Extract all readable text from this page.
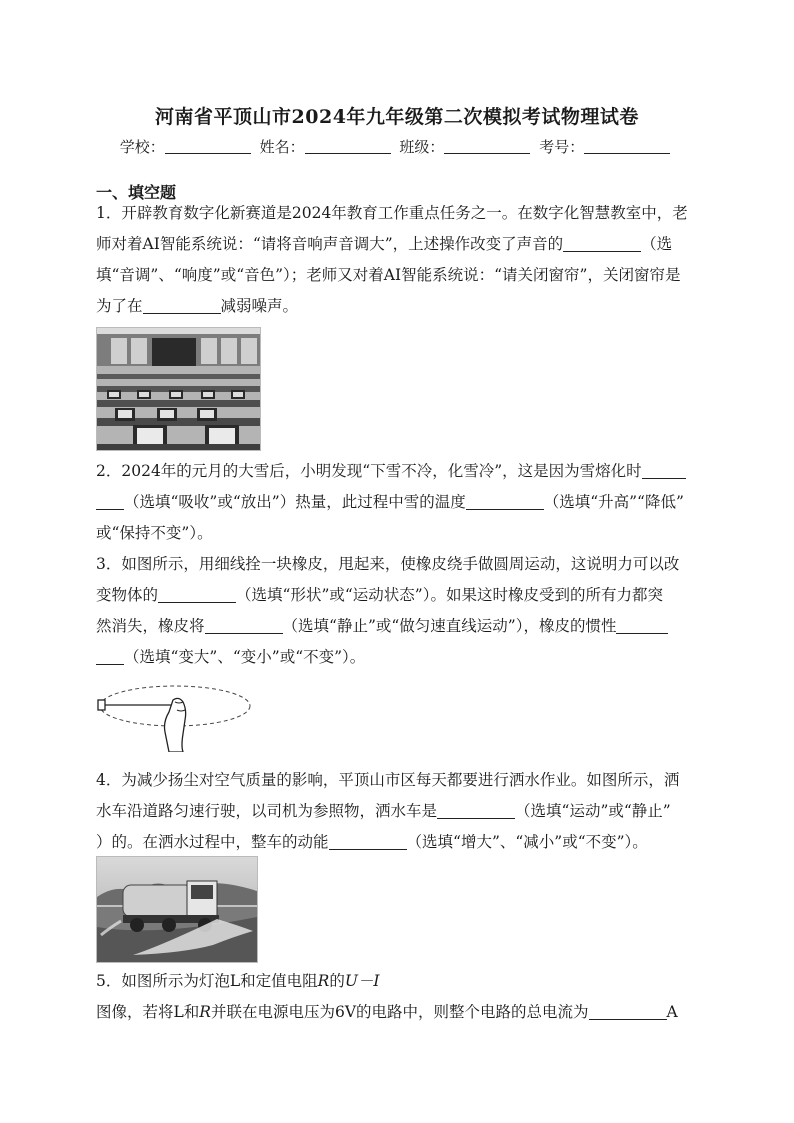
河南省平顶山市2024年九年级第二次模拟考试物理试卷
学校：	姓名：	班级：	考号：
一、填空题

1．开辟教育数字化新赛道是2024年教育工作重点任务之一。在数字化智慧教室中，老
师对着AI智能系统说：“请将音响声音调大”，上述操作改变了声音的	（选
填“音调”、“响度”或“音色”）；老师又对着AI智能系统说：“请关闭窗帘”，关闭窗帘是
为了在	减弱噪声。

2．2024年的元月的大雪后，小明发现“下雪不冷，化雪冷”，这是因为雪熔化时
（选填“吸收”或“放出”）热量，此过程中雪的温度	（选填“升高”“降低”
或“保持不变”）。

3．如图所示，用细线拴一块橡皮，甩起来，使橡皮绕手做圆周运动，这说明力可以改
变物体的	（选填“形状”或“运动状态”）。如果这时橡皮受到的所有力都突
然消失，橡皮将	（选填“静止”或“做匀速直线运动”），橡皮的惯性
（选填“变大”、“变小”或“不变”）。

4．为减少扬尘对空气质量的影响，平顶山市区每天都要进行洒水作业。如图所示，洒
水车沿道路匀速行驶，以司机为参照物，洒水车是	（选填“运动”或“静止”
）的。在洒水过程中，整车的动能	（选填“增大”、“减小”或“不变”）。

5．如图所示为灯泡L和定值电阻R的U－I
图像，若将L和R并联在电源电压为6V的电路中，则整个电路的总电流为	A
